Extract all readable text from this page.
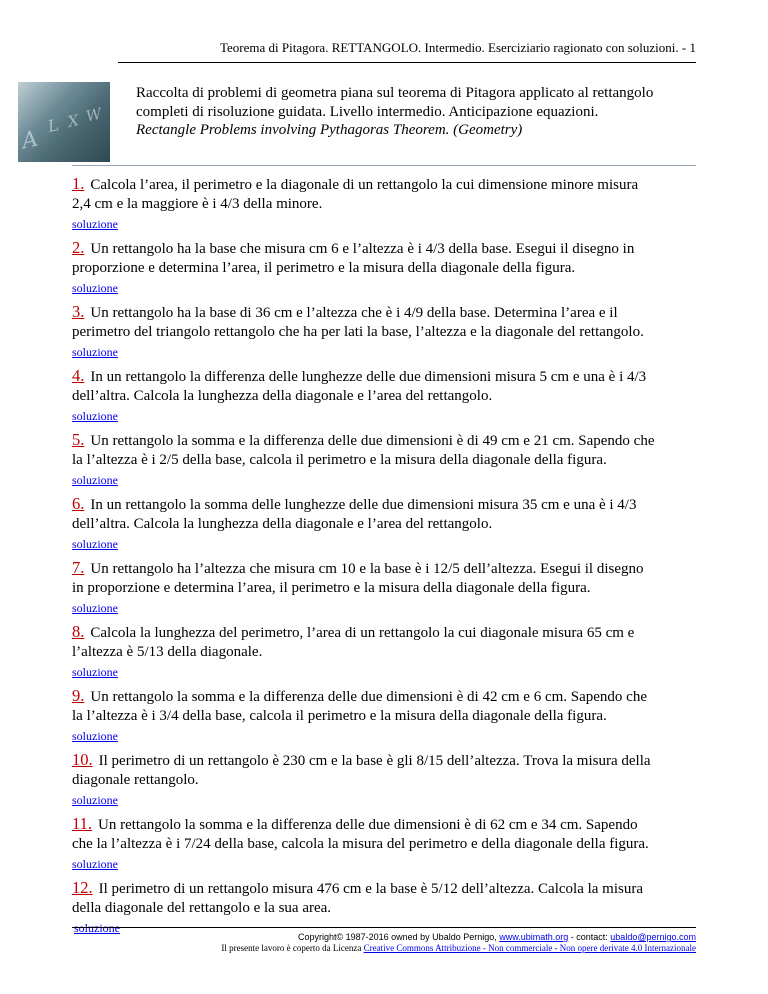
Teorema di Pitagora. RETTANGOLO. Intermedio. Eserciziario ragionato con soluzioni. - 1
A
L X W
Raccolta di problemi di geometra piana sul teorema di Pitagora applicato al rettangolo
completi di risoluzione guidata. Livello intermedio. Anticipazione equazioni.
Rectangle Problems involving Pythagoras Theorem. (Geometry)
1. Calcola l’area, il perimetro e la diagonale di un rettangolo la cui dimensione minore misura
2,4 cm e la maggiore è i 4/3 della minore.
soluzione
2. Un rettangolo ha la base che misura cm 6 e l’altezza è i 4/3 della base. Esegui il disegno in
proporzione e determina l’area, il perimetro e la misura della diagonale della figura.
soluzione
3. Un rettangolo ha la base di 36 cm e l’altezza che è i 4/9 della base. Determina l’area e il
perimetro del triangolo rettangolo che ha per lati la base, l’altezza e la diagonale del rettangolo.
soluzione
4. In un rettangolo la differenza delle lunghezze delle due dimensioni misura 5 cm e una è i 4/3
dell’altra. Calcola la lunghezza della diagonale e l’area del rettangolo.
soluzione
5. Un rettangolo la somma e la differenza delle due dimensioni è di 49 cm e 21 cm. Sapendo che
la l’altezza è i 2/5 della base, calcola il perimetro e la misura della diagonale della figura.
soluzione
6. In un rettangolo la somma delle lunghezze delle due dimensioni misura 35 cm e una è i 4/3
dell’altra. Calcola la lunghezza della diagonale e l’area del rettangolo.
soluzione
7. Un rettangolo ha l’altezza che misura cm 10 e la base è i 12/5 dell’altezza. Esegui il disegno
in proporzione e determina l’area, il perimetro e la misura della diagonale della figura.
soluzione
8. Calcola la lunghezza del perimetro, l’area di un rettangolo la cui diagonale misura 65 cm e
l’altezza è 5/13 della diagonale.
soluzione
9. Un rettangolo la somma e la differenza delle due dimensioni è di 42 cm e 6 cm. Sapendo che
la l’altezza è i 3/4 della base, calcola il perimetro e la misura della diagonale della figura.
soluzione
10. Il perimetro di un rettangolo è 230 cm e la base è gli 8/15 dell’altezza. Trova la misura della
diagonale rettangolo.
soluzione
11. Un rettangolo la somma e la differenza delle due dimensioni è di 62 cm e 34 cm. Sapendo
che la l’altezza è i 7/24 della base, calcola la misura del perimetro e della diagonale della figura.
soluzione
12. Il perimetro di un rettangolo misura 476 cm e la base è 5/12 dell’altezza. Calcola la misura
della diagonale del rettangolo e la sua area.
soluzione
Copyright© 1987-2016 owned by Ubaldo Pernigo, www.ubimath.org - contact: ubaldo@pernigo.com
Il presente lavoro è coperto da Licenza Creative Commons Attribuzione - Non commerciale - Non opere derivate 4.0 Internazionale
